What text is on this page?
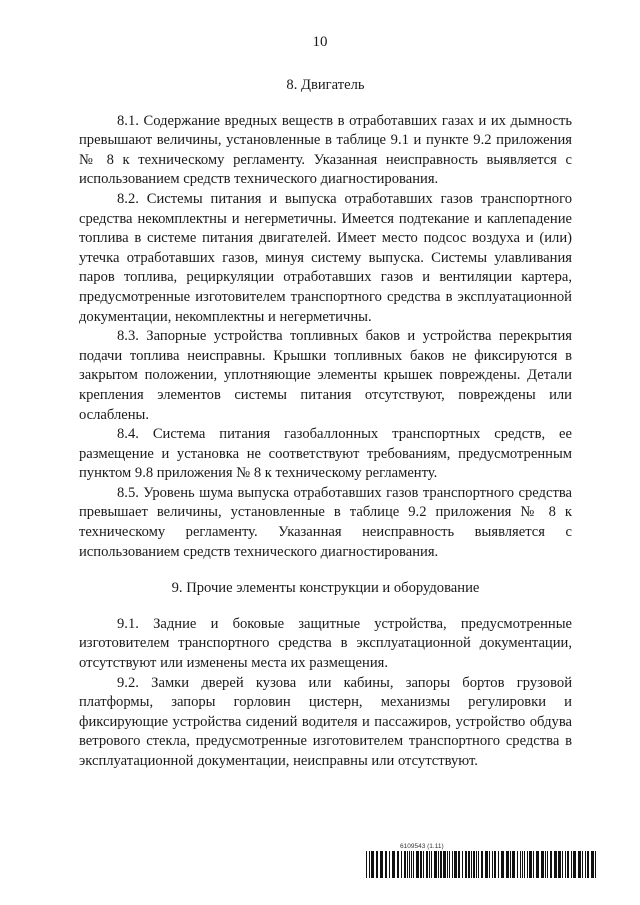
10
8. Двигатель

8.1. Содержание вредных веществ в отработавших газах и их дымность превышают величины, установленные в таблице 9.1 и пункте 9.2 приложения № 8 к техническому регламенту. Указанная неисправность выявляется с использованием средств технического диагностирования.

8.2. Системы питания и выпуска отработавших газов транспортного средства некомплектны и негерметичны. Имеется подтекание и каплепадение топлива в системе питания двигателей. Имеет место подсос воздуха и (или) утечка отработавших газов, минуя систему выпуска. Системы улавливания паров топлива, рециркуляции отработавших газов и вентиляции картера, предусмотренные изготовителем транспортного средства в эксплуатационной документации, некомплектны и негерметичны.

8.3. Запорные устройства топливных баков и устройства перекрытия подачи топлива неисправны. Крышки топливных баков не фиксируются в закрытом положении, уплотняющие элементы крышек повреждены. Детали крепления элементов системы питания отсутствуют, повреждены или ослаблены.

8.4. Система питания газобаллонных транспортных средств, ее размещение и установка не соответствуют требованиям, предусмотренным пунктом 9.8 приложения № 8 к техническому регламенту.

8.5. Уровень шума выпуска отработавших газов транспортного средства превышает величины, установленные в таблице 9.2 приложения № 8 к техническому регламенту. Указанная неисправность выявляется с использованием средств технического диагностирования.

9. Прочие элементы конструкции и оборудование

9.1. Задние и боковые защитные устройства, предусмотренные изготовителем транспортного средства в эксплуатационной документации, отсутствуют или изменены места их размещения.

9.2. Замки дверей кузова или кабины, запоры бортов грузовой платформы, запоры горловин цистерн, механизмы регулировки и фиксирующие устройства сидений водителя и пассажиров, устройство обдува ветрового стекла, предусмотренные изготовителем транспортного средства в эксплуатационной документации, неисправны или отсутствуют.

6109543 (1.11)
